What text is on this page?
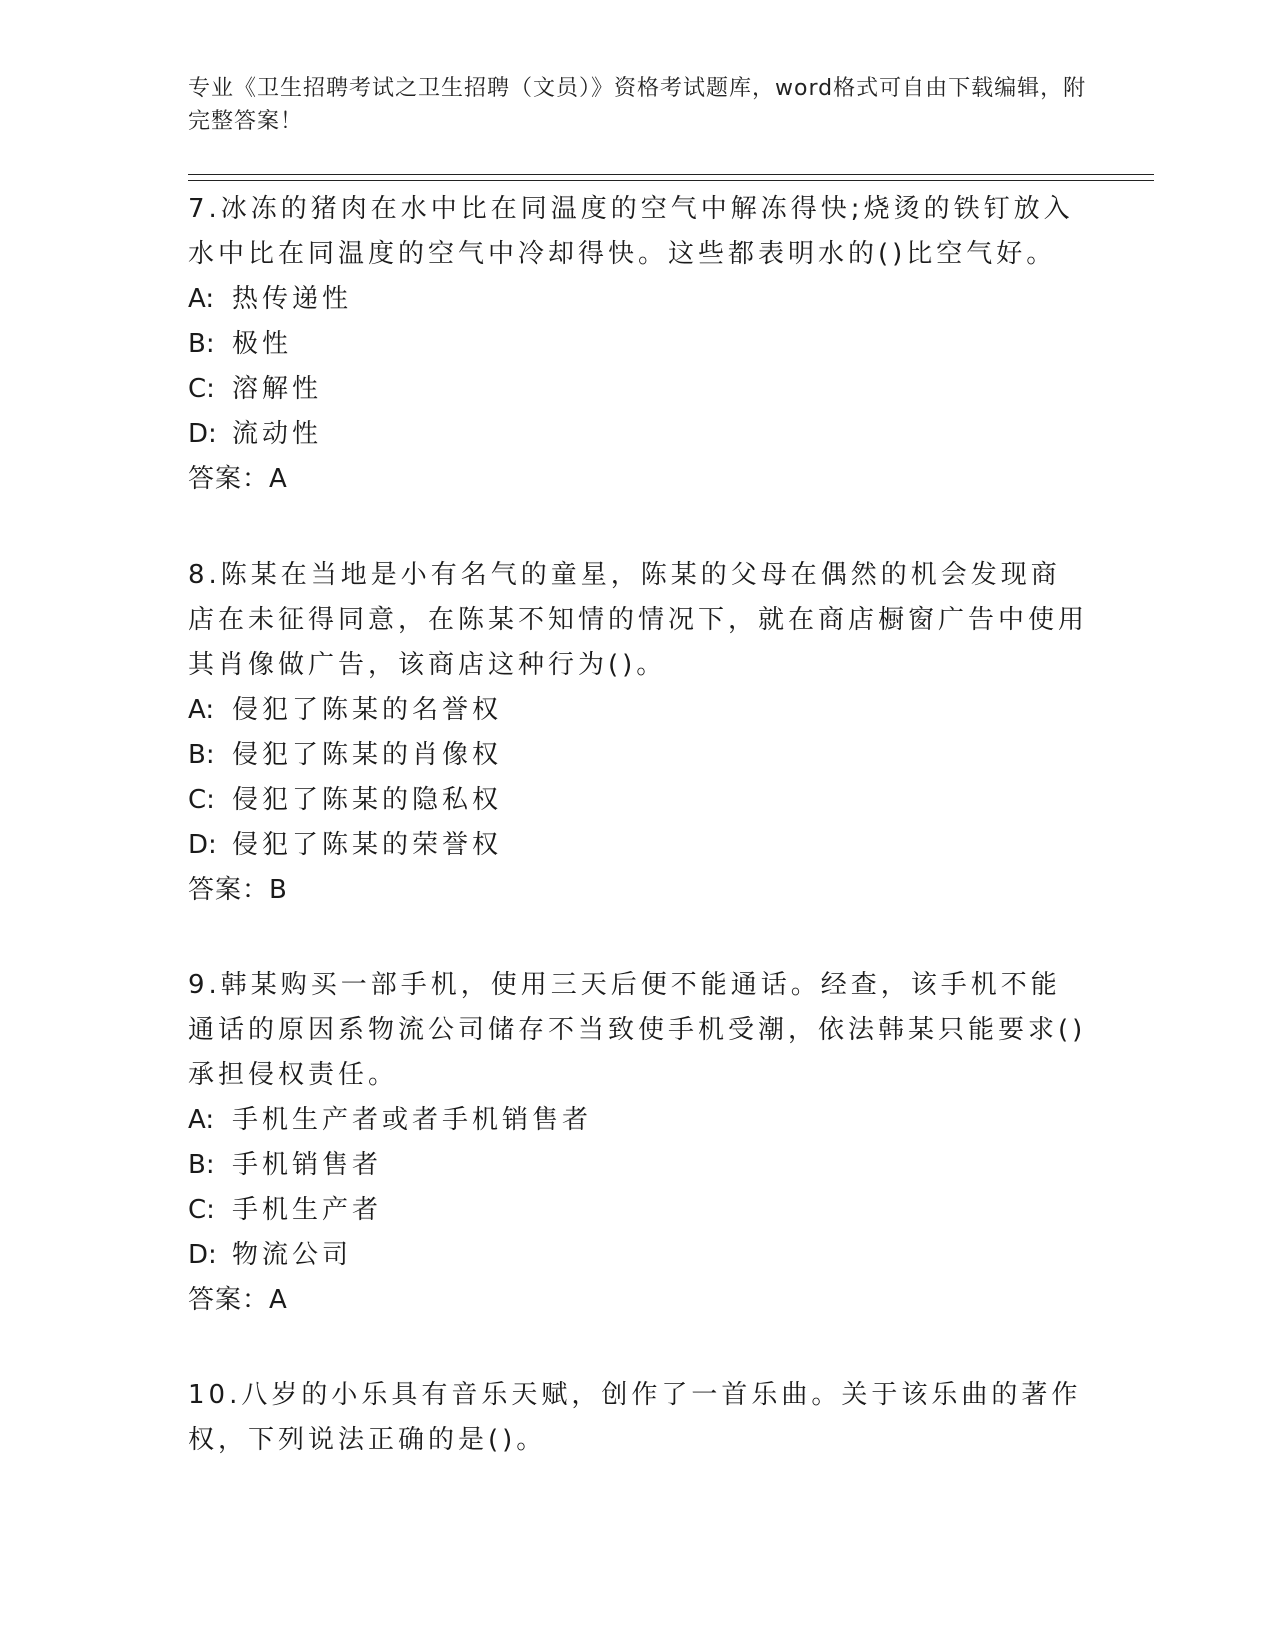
专业《卫生招聘考试之卫生招聘（文员）》资格考试题库，word格式可自由下载编辑，附完整答案！
7.冰冻的猪肉在水中比在同温度的空气中解冻得快;烧烫的铁钉放入水中比在同温度的空气中冷却得快。这些都表明水的()比空气好。
A: 热传递性
B: 极性
C: 溶解性
D: 流动性
答案：A
8.陈某在当地是小有名气的童星，陈某的父母在偶然的机会发现商店在未征得同意，在陈某不知情的情况下，就在商店橱窗广告中使用其肖像做广告，该商店这种行为()。
A: 侵犯了陈某的名誉权
B: 侵犯了陈某的肖像权
C: 侵犯了陈某的隐私权
D: 侵犯了陈某的荣誉权
答案：B
9.韩某购买一部手机，使用三天后便不能通话。经查，该手机不能通话的原因系物流公司储存不当致使手机受潮，依法韩某只能要求()承担侵权责任。
A: 手机生产者或者手机销售者
B: 手机销售者
C: 手机生产者
D: 物流公司
答案：A
10.八岁的小乐具有音乐天赋，创作了一首乐曲。关于该乐曲的著作权，下列说法正确的是()。
